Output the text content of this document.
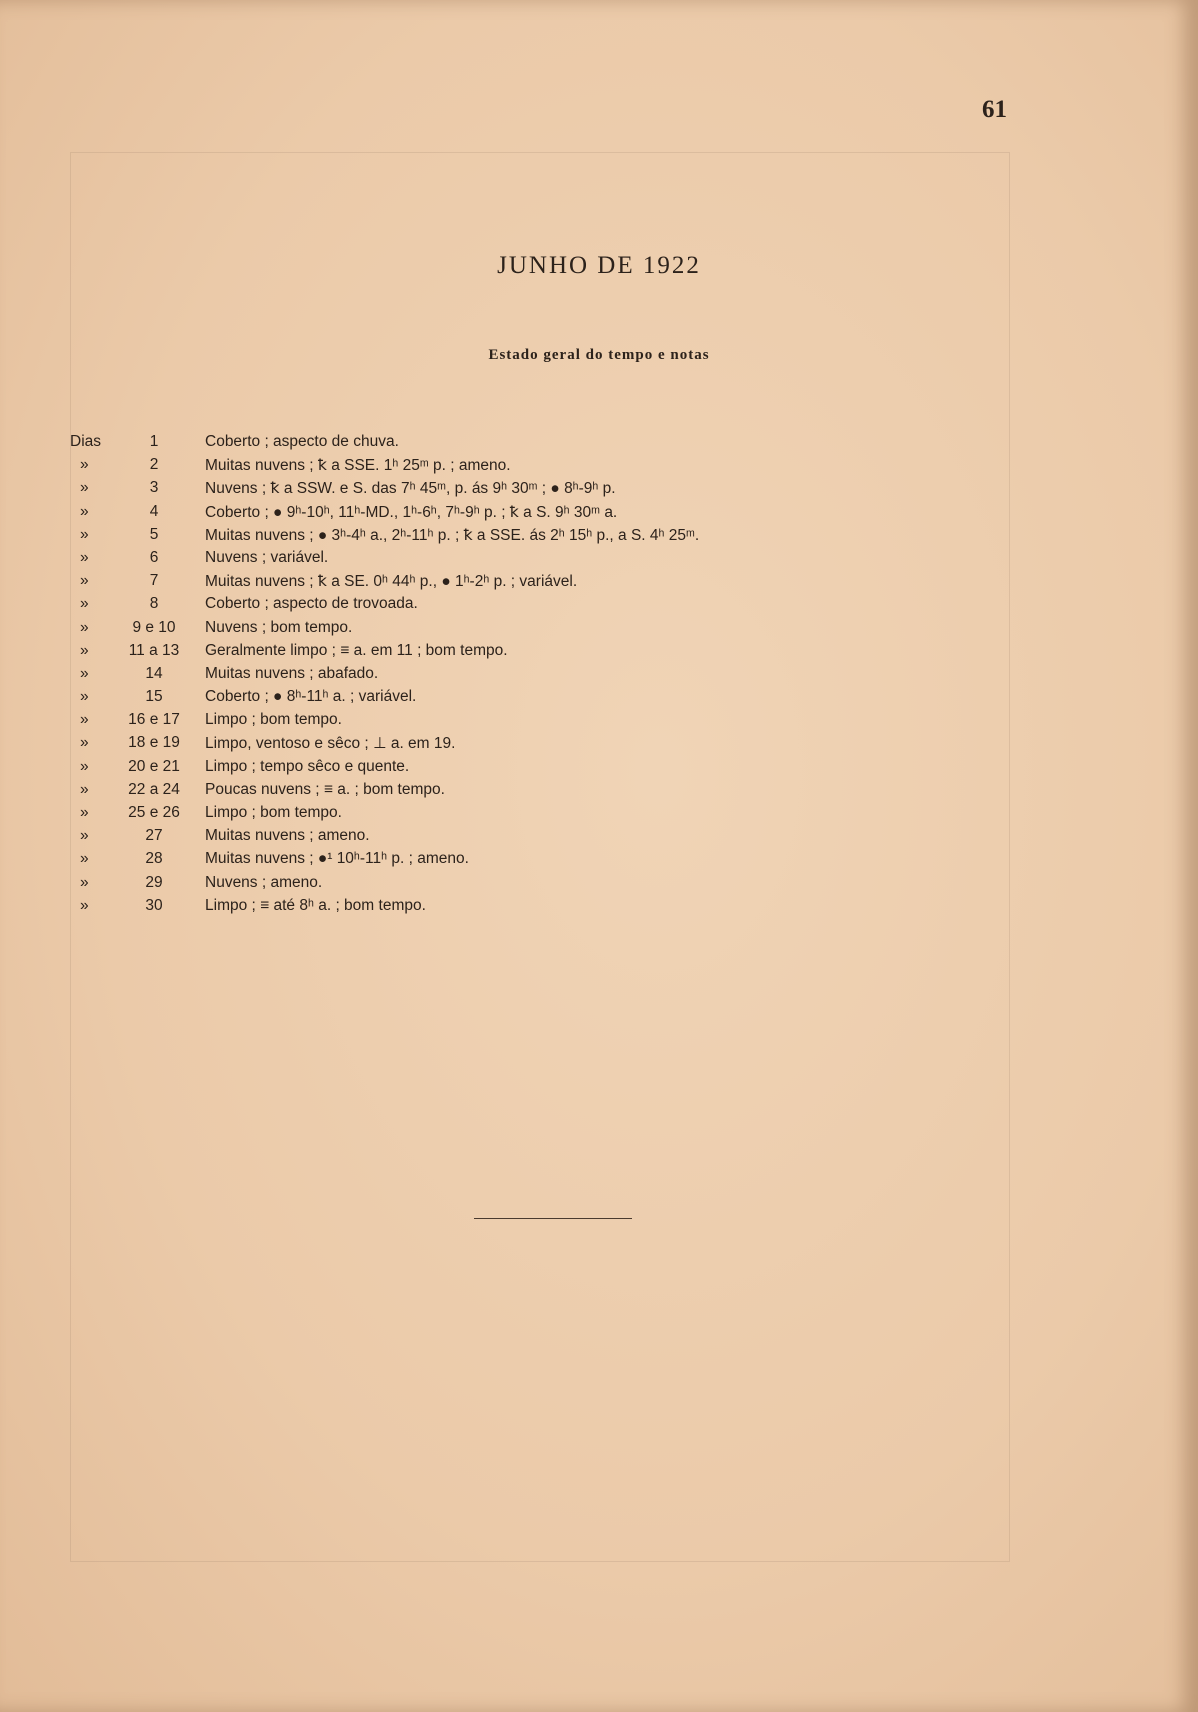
61
JUNHO DE 1922
Estado geral do tempo e notas
Dias	1	Coberto ; aspecto de chuva.
»	2	Muitas nuvens ; ꝁ a SSE. 1ʰ 25ᵐ p. ; ameno.
»	3	Nuvens ; ꝁ a SSW. e S. das 7ʰ 45ᵐ, p. ás 9ʰ 30ᵐ ; ● 8ʰ-9ʰ p.
»	4	Coberto ; ● 9ʰ-10ʰ, 11ʰ-MD., 1ʰ-6ʰ, 7ʰ-9ʰ p. ; ꝁ a S. 9ʰ 30ᵐ a.
»	5	Muitas nuvens ; ● 3ʰ-4ʰ a., 2ʰ-11ʰ p. ; ꝁ a SSE. ás 2ʰ 15ʰ p., a S. 4ʰ 25ᵐ.
»	6	Nuvens ; variável.
»	7	Muitas nuvens ; ꝁ a SE. 0ʰ 44ʰ p., ● 1ʰ-2ʰ p. ; variável.
»	8	Coberto ; aspecto de trovoada.
»	9 e 10	Nuvens ; bom tempo.
»	11 a 13	Geralmente limpo ; ≡ a. em 11 ; bom tempo.
»	14	Muitas nuvens ; abafado.
»	15	Coberto ; ● 8ʰ-11ʰ a. ; variável.
»	16 e 17	Limpo ; bom tempo.
»	18 e 19	Limpo, ventoso e sêco ; ⊥ a. em 19.
»	20 e 21	Limpo ; tempo sêco e quente.
»	22 a 24	Poucas nuvens ; ≡ a. ; bom tempo.
»	25 e 26	Limpo ; bom tempo.
»	27	Muitas nuvens ; ameno.
»	28	Muitas nuvens ; ●¹ 10ʰ-11ʰ p. ; ameno.
»	29	Nuvens ; ameno.
»	30	Limpo ; ≡ até 8ʰ a. ; bom tempo.
